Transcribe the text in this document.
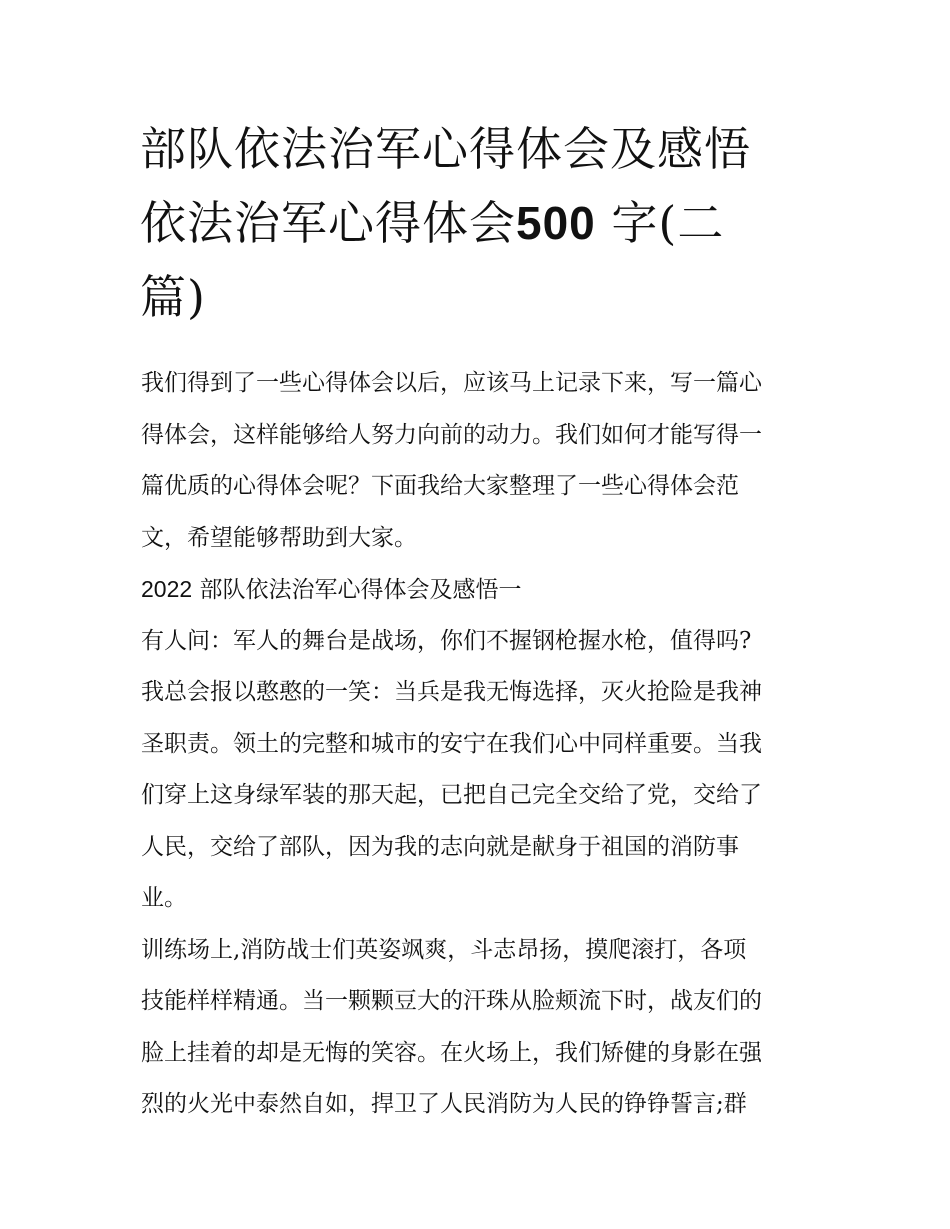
部队依法治军心得体会及感悟
依法治军心得体会500 字(二
篇)
我们得到了一些心得体会以后，应该马上记录下来，写一篇心
得体会，这样能够给人努力向前的动力。我们如何才能写得一
篇优质的心得体会呢？下面我给大家整理了一些心得体会范
文，希望能够帮助到大家。
2022 部队依法治军心得体会及感悟一
有人问：军人的舞台是战场，你们不握钢枪握水枪，值得吗?
我总会报以憨憨的一笑：当兵是我无悔选择，灭火抢险是我神
圣职责。领土的完整和城市的安宁在我们心中同样重要。当我
们穿上这身绿军装的那天起，已把自己完全交给了党，交给了
人民，交给了部队，因为我的志向就是献身于祖国的消防事
业。
训练场上,消防战士们英姿飒爽，斗志昂扬，摸爬滚打，各项
技能样样精通。当一颗颗豆大的汗珠从脸颊流下时，战友们的
脸上挂着的却是无悔的笑容。在火场上，我们矫健的身影在强
烈的火光中泰然自如，捍卫了人民消防为人民的铮铮誓言;群
